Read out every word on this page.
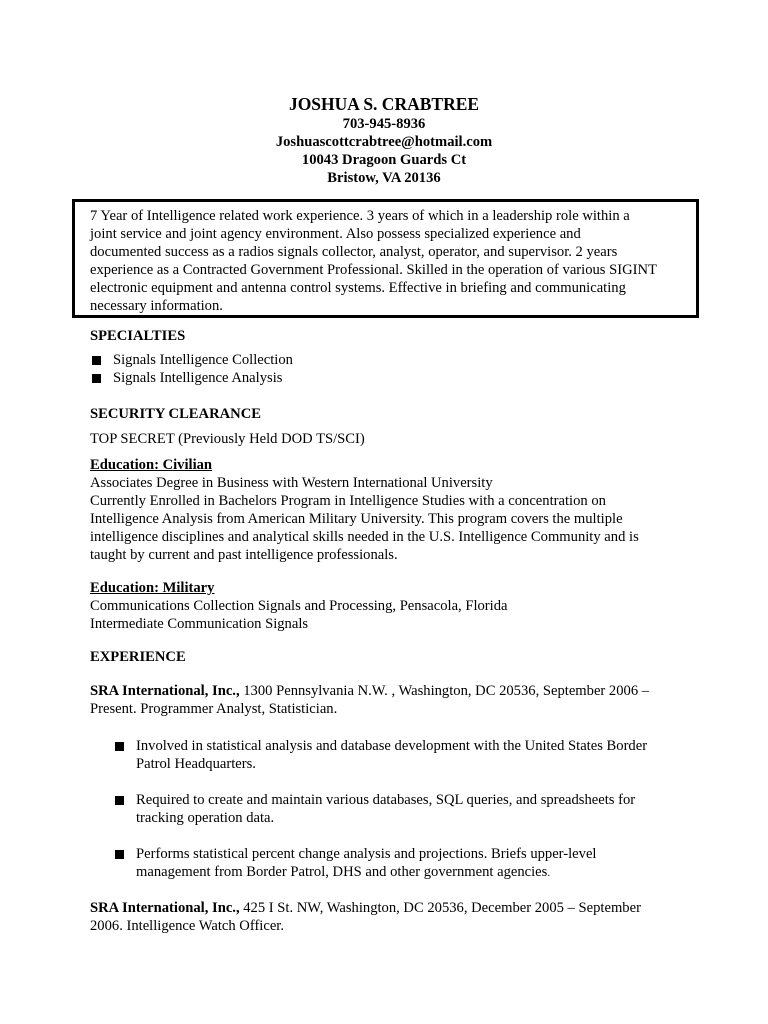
JOSHUA S. CRABTREE
703-945-8936
Joshuascottcrabtree@hotmail.com
10043 Dragoon Guards Ct
Bristow, VA 20136
7 Year of Intelligence related work experience. 3 years of which in a leadership role within a
joint service and joint agency environment. Also possess specialized experience and
documented success as a radios signals collector, analyst, operator, and supervisor. 2 years
experience as a Contracted Government Professional. Skilled in the operation of various SIGINT
electronic equipment and antenna control systems. Effective in briefing and communicating
necessary information.
SPECIALTIES
Signals Intelligence Collection
Signals Intelligence Analysis
SECURITY CLEARANCE
TOP SECRET (Previously Held DOD TS/SCI)
Education: Civilian
Associates Degree in Business with Western International University
Currently Enrolled in Bachelors Program in Intelligence Studies with a concentration on
Intelligence Analysis from American Military University. This program covers the multiple
intelligence disciplines and analytical skills needed in the U.S. Intelligence Community and is
taught by current and past intelligence professionals.
Education: Military
Communications Collection Signals and Processing, Pensacola, Florida
Intermediate Communication Signals
EXPERIENCE
SRA International, Inc., 1300 Pennsylvania N.W. , Washington, DC 20536, September 2006 –
Present. Programmer Analyst, Statistician.
Involved in statistical analysis and database development with the United States Border
Patrol Headquarters.
Required to create and maintain various databases, SQL queries, and spreadsheets for
tracking operation data.
Performs statistical percent change analysis and projections. Briefs upper-level
management from Border Patrol, DHS and other government agencies.
SRA International, Inc., 425 I St. NW, Washington, DC 20536, December 2005 – September
2006. Intelligence Watch Officer.
